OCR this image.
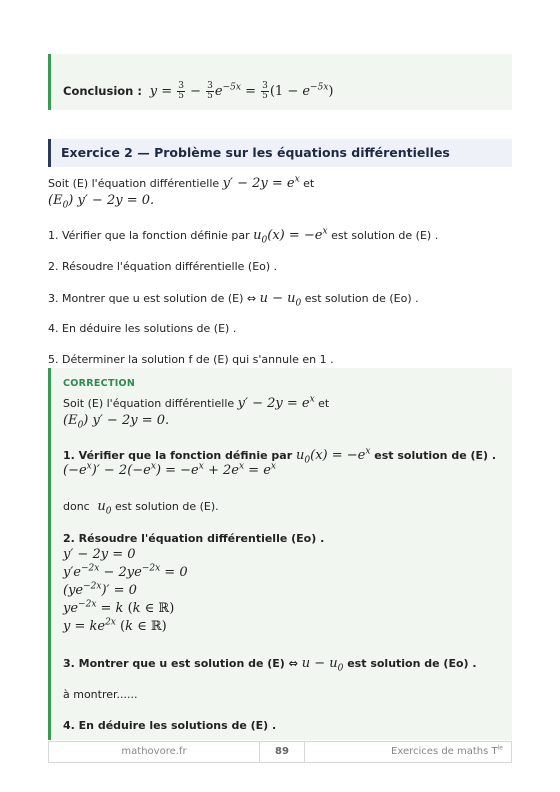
Conclusion :  $y = \frac{3}{5} - \frac{3}{5} e^{-5x} = \frac{3}{5} (1 - e^{-5x})$
Exercice 2 — Problème sur les équations différentielles
Soit (E) l'équation différentielle $y' - 2y = e^x$ et
$(E_0) y' - 2y = 0$.
1. Vérifier que la fonction définie par $u_0(x) = -e^x$ est solution de (E) .
2. Résoudre l'équation différentielle (Eo) .
3. Montrer que u est solution de (E) ⇔ $u - u_0$ est solution de (Eo) .
4. En déduire les solutions de (E) .
5. Déterminer la solution f de (E) qui s'annule en 1 .
CORRECTION
Soit (E) l'équation différentielle $y' - 2y = e^x$ et
$(E_0) y' - 2y = 0$.
1. Vérifier que la fonction définie par $u_0(x) = -e^x$ est solution de (E) .
$(-e^x)' - 2(-e^x) = -e^x + 2e^x = e^x$
donc  $u_0$ est solution de (E).
2. Résoudre l'équation différentielle (Eo) .
y′ − 2y = 0
$y'e^{-2x} - 2ye^{-2x} = 0$
$(ye^{-2x})' = 0$
$ye^{-2x} = k$ (k ∈ ℝ)
$y = ke^{2x}$ (k ∈ ℝ)
3. Montrer que u est solution de (E) ⇔ $u - u_0$ est solution de (Eo) .
à montrer......
4. En déduire les solutions de (E) .
mathovore.fr	89	Exercices de maths $T^{le}$
